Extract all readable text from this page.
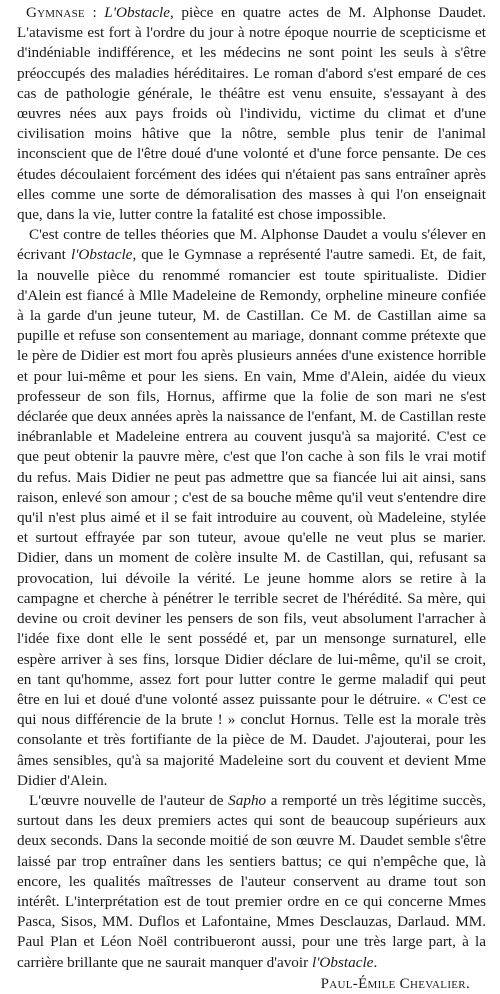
Gymnase : L'Obstacle, pièce en quatre actes de M. Alphonse Daudet. L'atavisme est fort à l'ordre du jour à notre époque nourrie de scepticisme et d'indéniable indifférence, et les médecins ne sont point les seuls à s'être préoccupés des maladies héréditaires. Le roman d'abord s'est emparé de ces cas de pathologie générale, le théâtre est venu ensuite, s'essayant à des œuvres nées aux pays froids où l'individu, victime du climat et d'une civilisation moins hâtive que la nôtre, semble plus tenir de l'animal inconscient que de l'être doué d'une volonté et d'une force pensante. De ces études découlaient forcément des idées qui n'étaient pas sans entraîner après elles comme une sorte de démoralisation des masses à qui l'on enseignait que, dans la vie, lutter contre la fatalité est chose impossible.

C'est contre de telles théories que M. Alphonse Daudet a voulu s'élever en écrivant l'Obstacle, que le Gymnase a représenté l'autre samedi. Et, de fait, la nouvelle pièce du renommé romancier est toute spiritualiste. Didier d'Alein est fiancé à Mlle Madeleine de Remondy, orpheline mineure confiée à la garde d'un jeune tuteur, M. de Castillan. Ce M. de Castillan aime sa pupille et refuse son consentement au mariage, donnant comme prétexte que le père de Didier est mort fou après plusieurs années d'une existence horrible et pour lui-même et pour les siens. En vain, Mme d'Alein, aidée du vieux professeur de son fils, Hornus, affirme que la folie de son mari ne s'est déclarée que deux années après la naissance de l'enfant, M. de Castillan reste inébranlable et Madeleine entrera au couvent jusqu'à sa majorité. C'est ce que peut obtenir la pauvre mère, c'est que l'on cache à son fils le vrai motif du refus. Mais Didier ne peut pas admettre que sa fiancée lui ait ainsi, sans raison, enlevé son amour ; c'est de sa bouche même qu'il veut s'entendre dire qu'il n'est plus aimé et il se fait introduire au couvent, où Madeleine, stylée et surtout effrayée par son tuteur, avoue qu'elle ne veut plus se marier. Didier, dans un moment de colère insulte M. de Castillan, qui, refusant sa provocation, lui dévoile la vérité. Le jeune homme alors se retire à la campagne et cherche à pénétrer le terrible secret de l'hérédité. Sa mère, qui devine ou croit deviner les pensers de son fils, veut absolument l'arracher à l'idée fixe dont elle le sent possédé et, par un mensonge surnaturel, elle espère arriver à ses fins, lorsque Didier déclare de lui-même, qu'il se croit, en tant qu'homme, assez fort pour lutter contre le germe maladif qui peut être en lui et doué d'une volonté assez puissante pour le détruire. « C'est ce qui nous différencie de la brute ! » conclut Hornus. Telle est la morale très consolante et très fortifiante de la pièce de M. Daudet. J'ajouterai, pour les âmes sensibles, qu'à sa majorité Madeleine sort du couvent et devient Mme Didier d'Alein.

L'œuvre nouvelle de l'auteur de Sapho a remporté un très légitime succès, surtout dans les deux premiers actes qui sont de beaucoup supérieurs aux deux seconds. Dans la seconde moitié de son œuvre M. Daudet semble s'être laissé par trop entraîner dans les sentiers battus; ce qui n'empêche que, là encore, les qualités maîtresses de l'auteur conservent au drame tout son intérêt. L'interprétation est de tout premier ordre en ce qui concerne Mmes Pasca, Sisos, MM. Duflos et Lafontaine, Mmes Desclauzas, Darlaud. MM. Paul Plan et Léon Noël contribueront aussi, pour une très large part, à la carrière brillante que ne saurait manquer d'avoir l'Obstacle.

Paul-Émile Chevalier.
